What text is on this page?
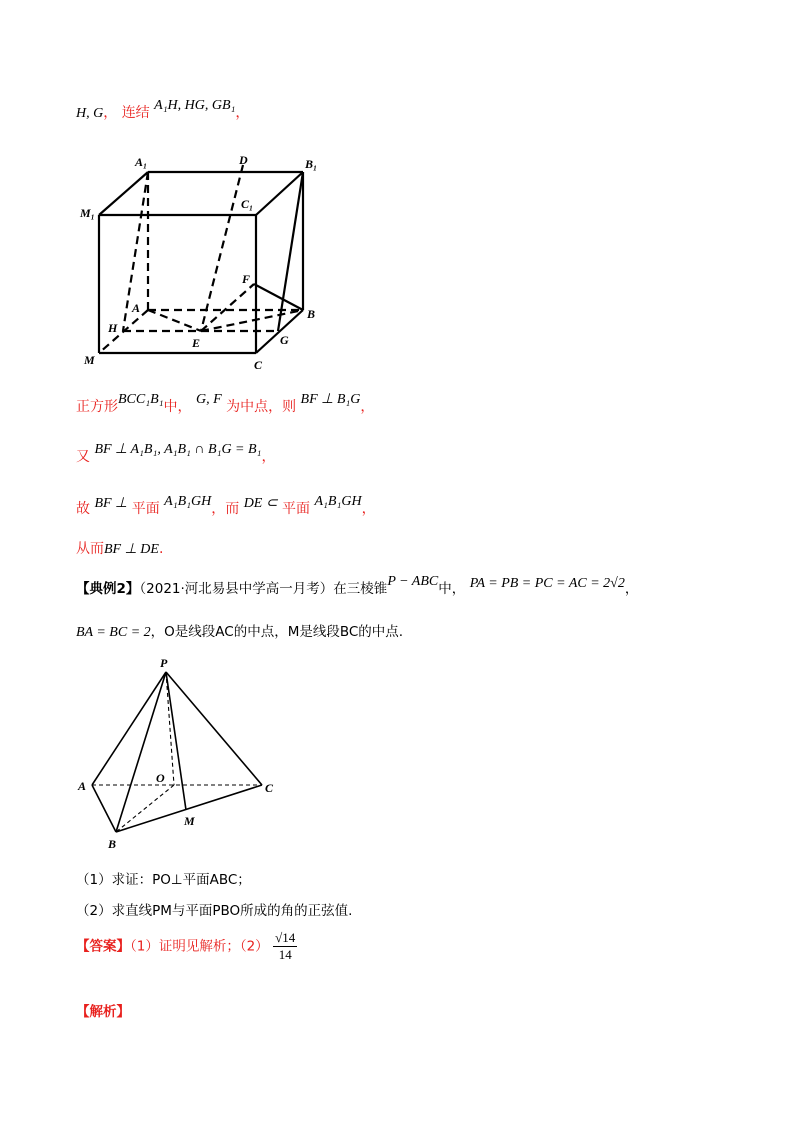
H, G， 连结 A₁H, HG, GB₁，
A₁	D	B₁
M₁
C₁
F
A	B
H
E	G
M	C
正方形BCC₁B₁中， G, F 为中点，则 BF ⊥ B₁G，
又 BF ⊥ A₁B₁, A₁B₁ ∩ B₁G = B₁，
故 BF ⊥ 平面 A₁B₁GH，而 DE ⊂ 平面 A₁B₁GH，
从而BF ⊥ DE.
【典例2】（2021·河北易县中学高一月考）在三棱锥P − ABC中， PA = PB = PC = AC = 2√2，
BA = BC = 2，O是线段AC的中点，M是线段BC的中点.
P
A
O
C
M
B
（1）求证：PO⊥平面ABC；
（2）求直线PM与平面PBO所成的角的正弦值.
【答案】（1）证明见解析；$(2) \frac{√14}{14}$
【解析】
